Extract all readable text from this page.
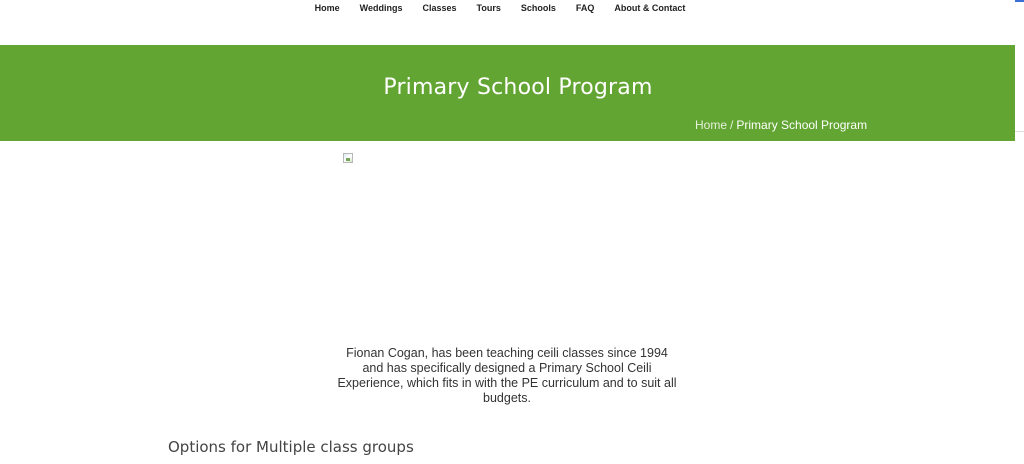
Home	Weddings	Classes	Tours	Schools	FAQ	About & Contact
Primary School Program
Home / Primary School Program

Fionan Cogan, has been teaching ceili classes since 1994 and has specifically designed a Primary School Ceili Experience, which fits in with the PE curriculum and to suit all budgets.

Options for Multiple class groups
